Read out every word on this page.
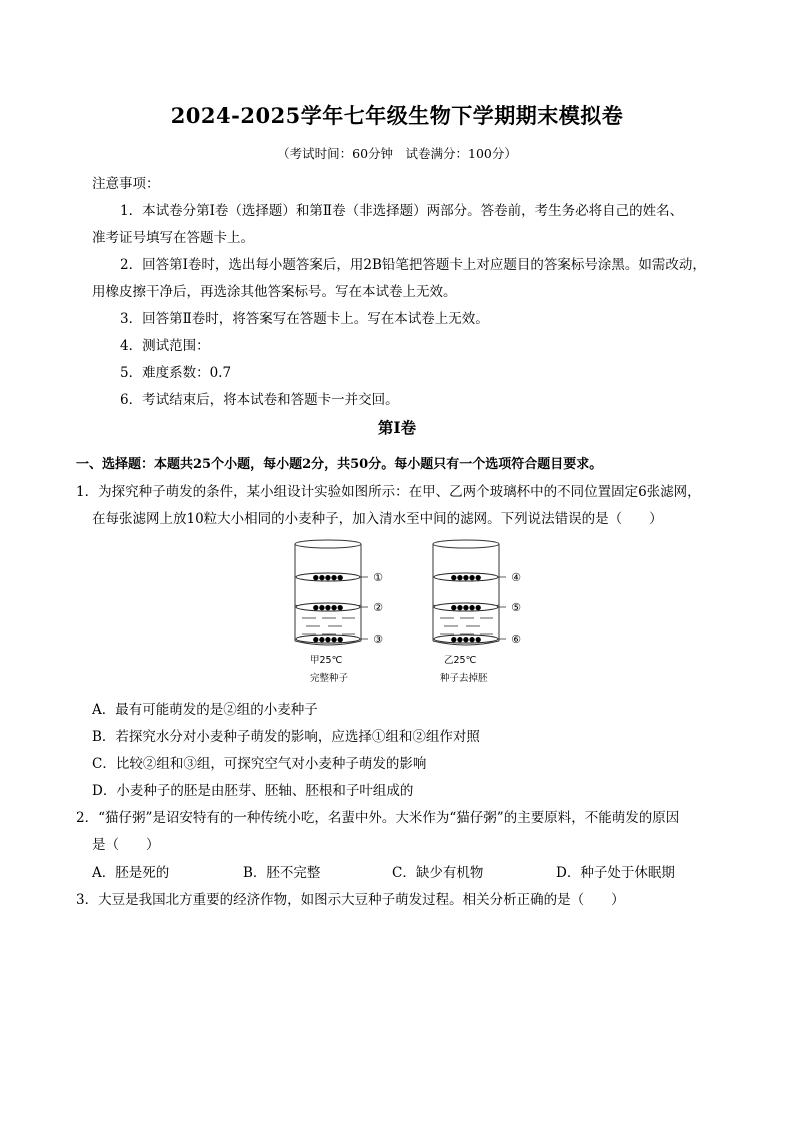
2024-2025学年七年级生物下学期期末模拟卷
（考试时间：60分钟　试卷满分：100分）
注意事项：
1．本试卷分第Ⅰ卷（选择题）和第Ⅱ卷（非选择题）两部分。答卷前，考生务必将自己的姓名、
准考证号填写在答题卡上。
2．回答第Ⅰ卷时，选出每小题答案后，用2B铅笔把答题卡上对应题目的答案标号涂黑。如需改动，
用橡皮擦干净后，再选涂其他答案标号。写在本试卷上无效。
3．回答第Ⅱ卷时，将答案写在答题卡上。写在本试卷上无效。
4．测试范围：
5．难度系数：0.7
6．考试结束后，将本试卷和答题卡一并交回。
第Ⅰ卷
一、选择题：本题共25个小题，每小题2分，共50分。每小题只有一个选项符合题目要求。
1．为探究种子萌发的条件，某小组设计实验如图所示：在甲、乙两个玻璃杯中的不同位置固定6张滤网，
在每张滤网上放10粒大小相同的小麦种子，加入清水至中间的滤网。下列说法错误的是（　　）
●●●●●
●●●●●
●●●●●
●●●●●
●●●●●
●●●●●
①
②
③
④
⑤
⑥
甲25℃
完整种子
乙25℃
种子去掉胚
A．最有可能萌发的是②组的小麦种子
B．若探究水分对小麦种子萌发的影响，应选择①组和②组作对照
C．比较②组和③组，可探究空气对小麦种子萌发的影响
D．小麦种子的胚是由胚芽、胚轴、胚根和子叶组成的
2．“猫仔粥”是诏安特有的一种传统小吃，名蜚中外。大米作为“猫仔粥”的主要原料，不能萌发的原因
是（　　）
A．胚是死的	B．胚不完整	C．缺少有机物	D．种子处于休眠期
3．大豆是我国北方重要的经济作物，如图示大豆种子萌发过程。相关分析正确的是（　　）
